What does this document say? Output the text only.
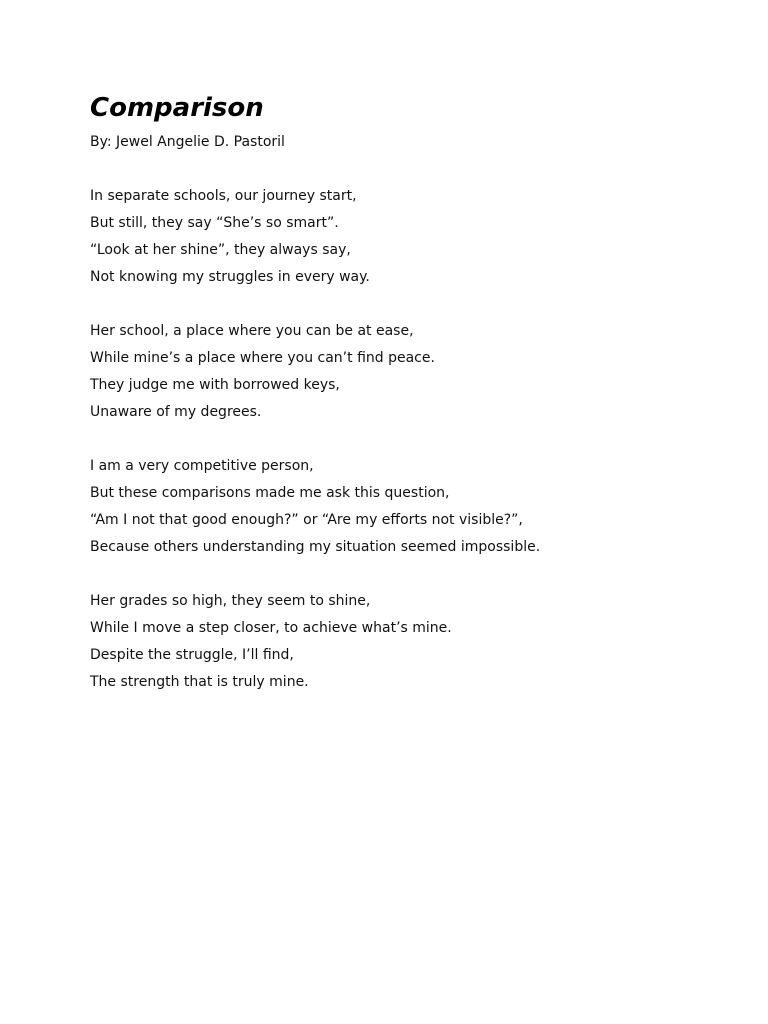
Comparison
By: Jewel Angelie D. Pastoril
In separate schools, our journey start,
But still, they say “She’s so smart”.
“Look at her shine”, they always say,
Not knowing my struggles in every way.
Her school, a place where you can be at ease,
While mine’s a place where you can’t find peace.
They judge me with borrowed keys,
Unaware of my degrees.
I am a very competitive person,
But these comparisons made me ask this question,
“Am I not that good enough?” or “Are my efforts not visible?”,
Because others understanding my situation seemed impossible.
Her grades so high, they seem to shine,
While I move a step closer, to achieve what’s mine.
Despite the struggle, I’ll find,
The strength that is truly mine.
